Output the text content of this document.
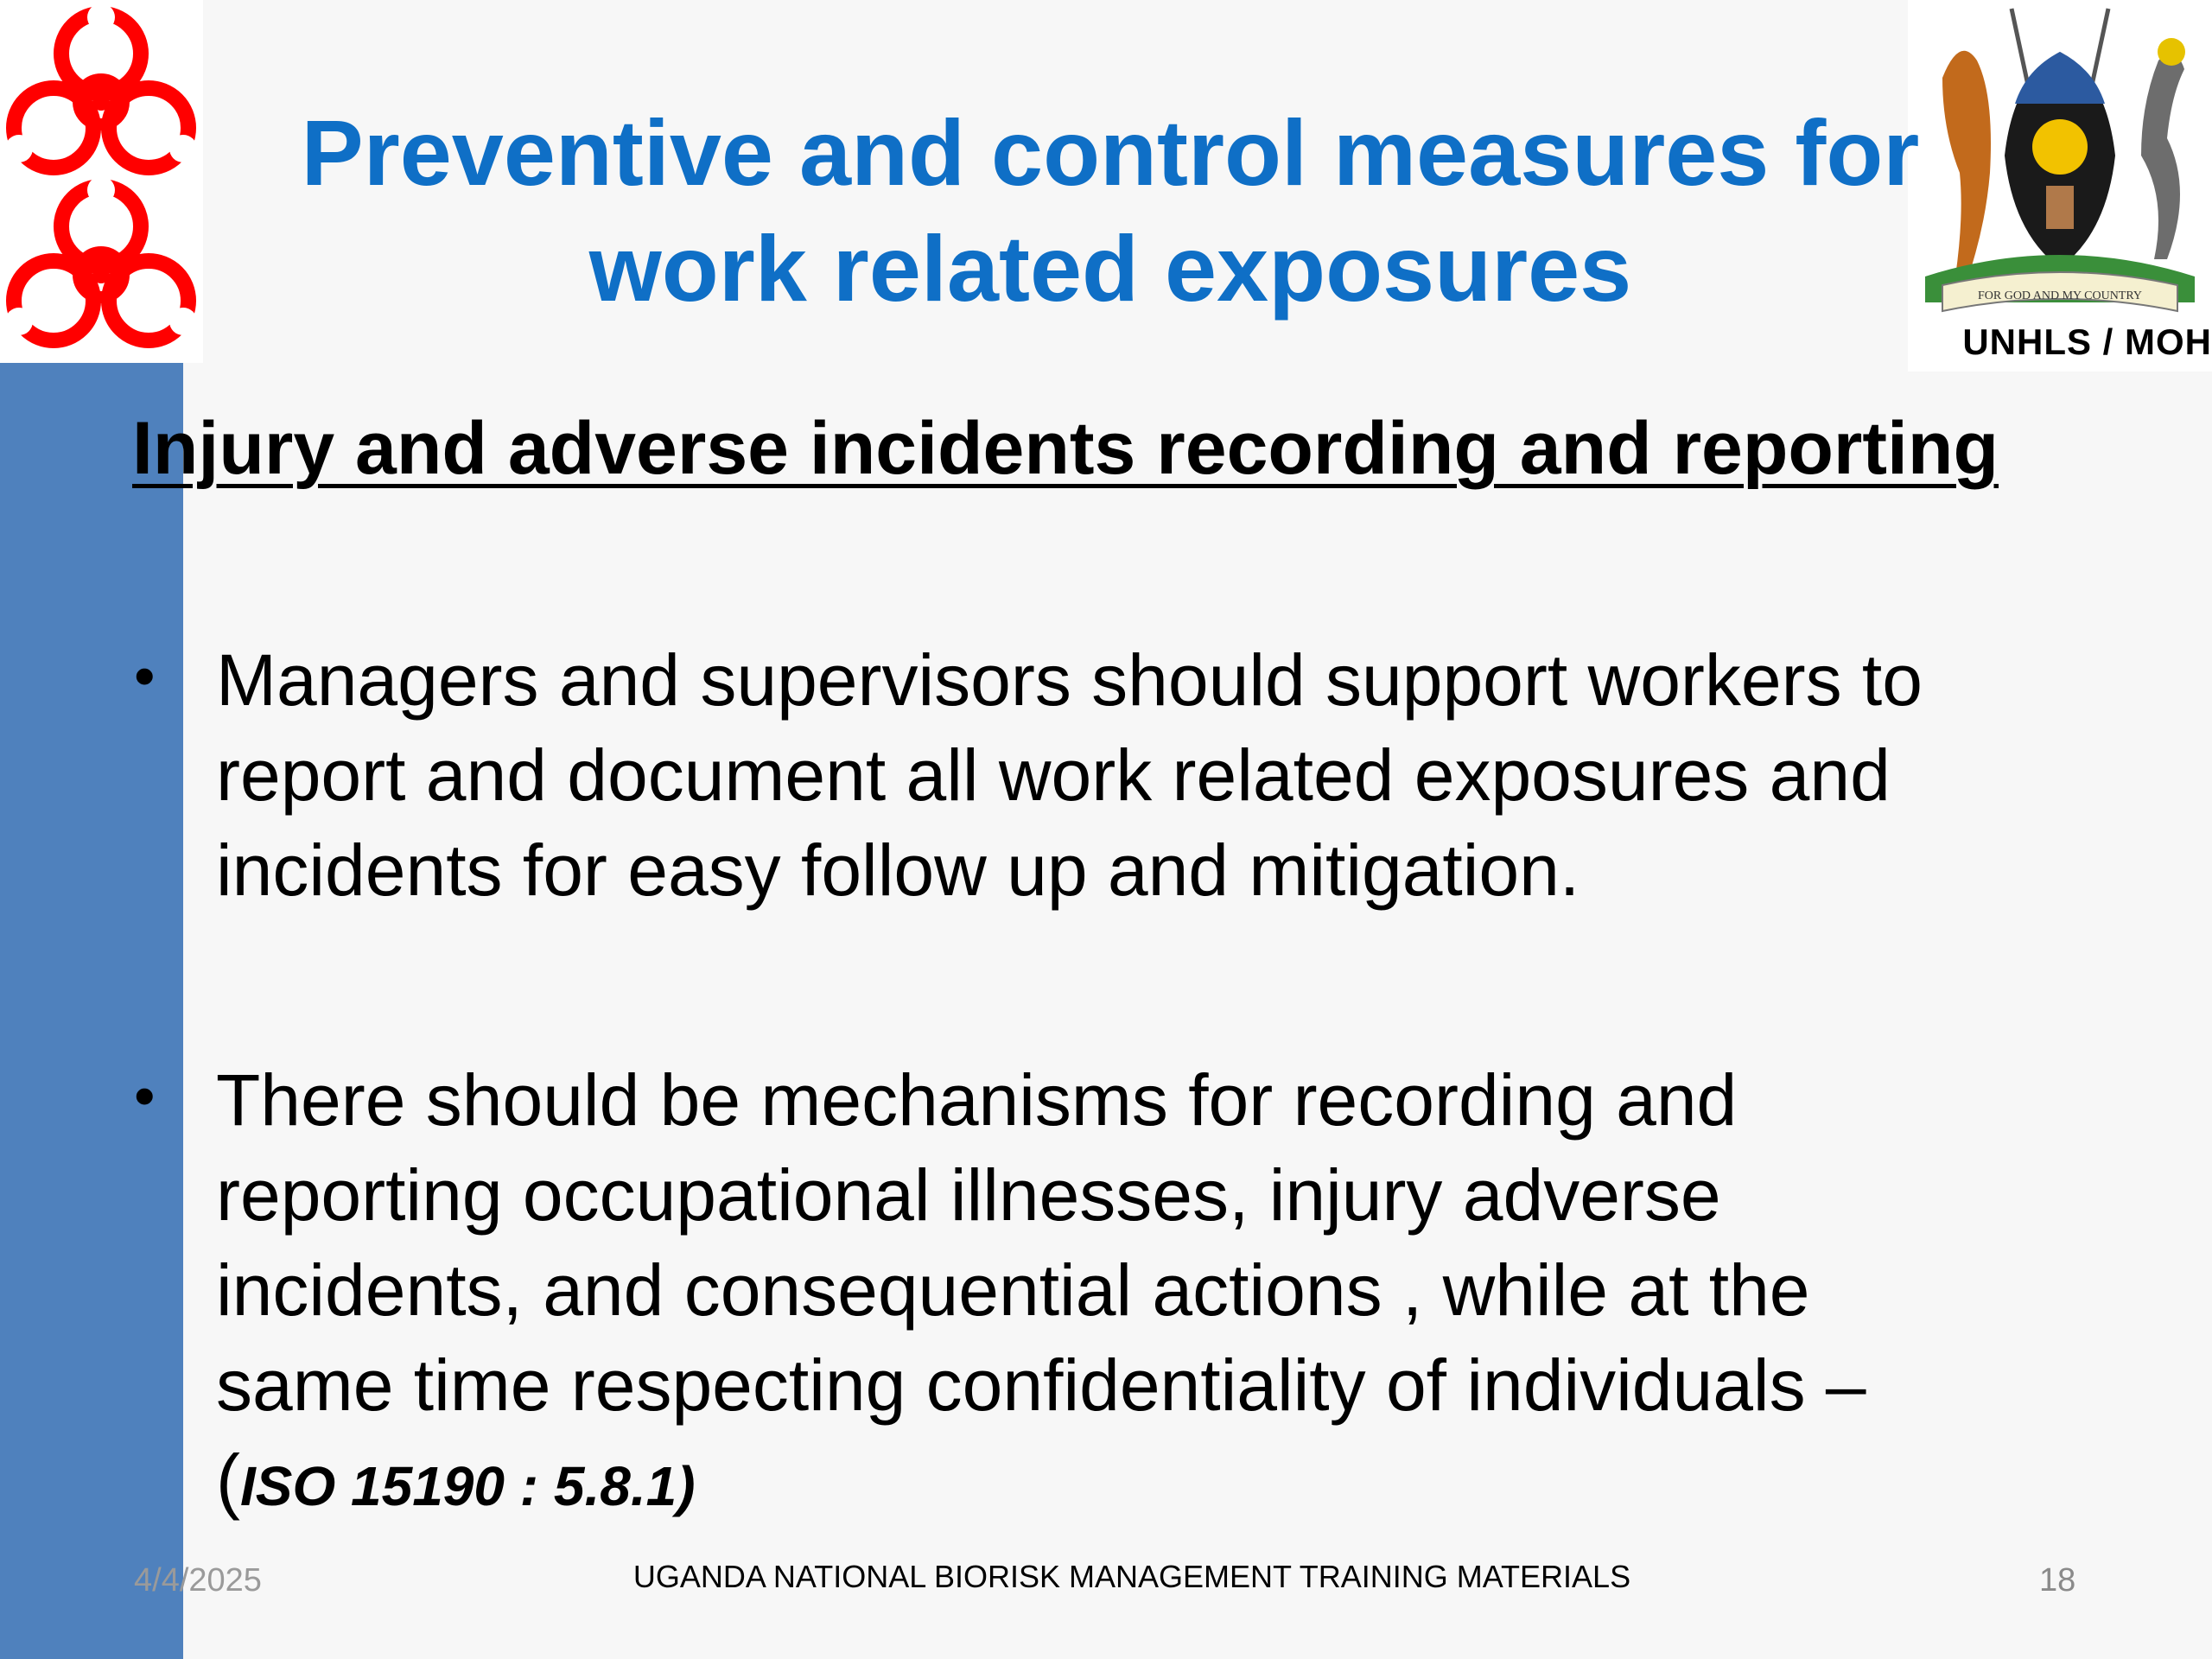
FOR GOD AND MY COUNTRY
UNHLS / MOH
Preventive and control measures for
work related exposures
Injury and adverse incidents recording and reporting
• Managers and supervisors should support workers to
report and document all work related exposures and
incidents for easy follow up and mitigation.
• There should be mechanisms for recording and
reporting occupational illnesses, injury adverse
incidents, and consequential actions , while at the
same time respecting confidentiality of individuals –
(ISO 15190 : 5.8.1)
4/4/2025	UGANDA NATIONAL BIORISK MANAGEMENT TRAINING MATERIALS	18
